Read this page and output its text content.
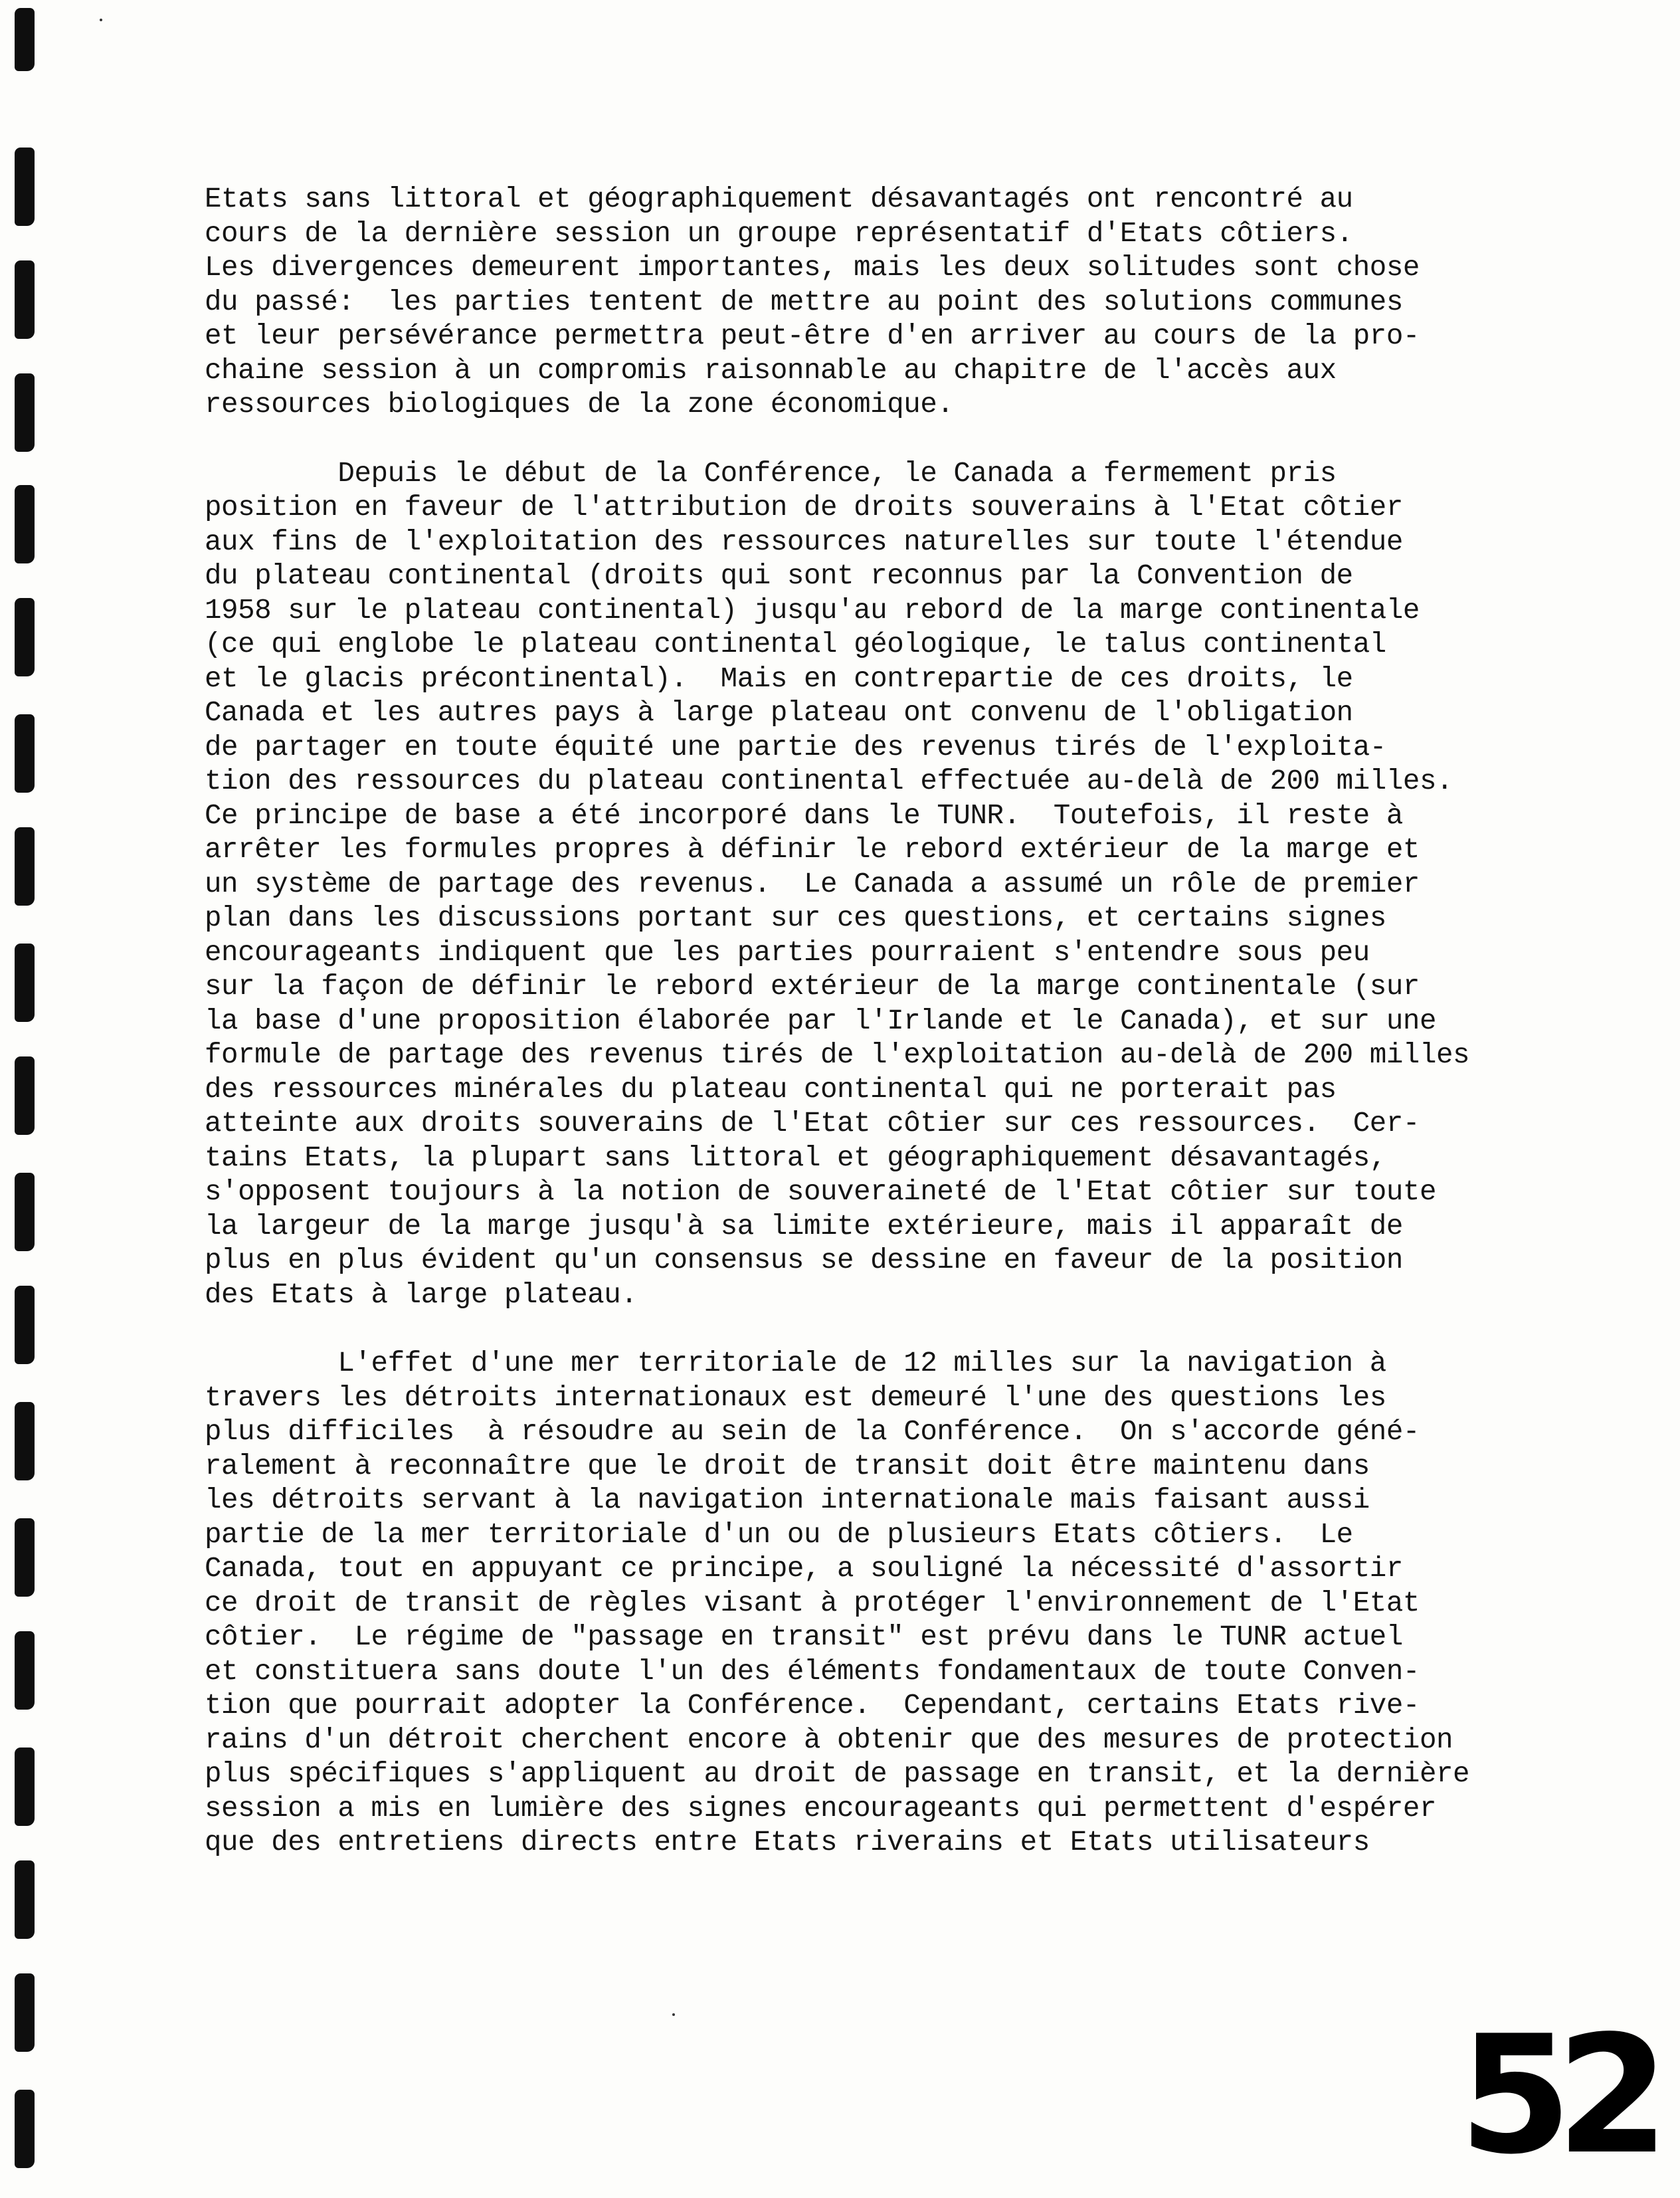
Etats sans littoral et géographiquement désavantagés ont rencontré au
cours de la dernière session un groupe représentatif d'Etats côtiers.
Les divergences demeurent importantes, mais les deux solitudes sont chose
du passé:  les parties tentent de mettre au point des solutions communes
et leur persévérance permettra peut-être d'en arriver au cours de la pro-
chaine session à un compromis raisonnable au chapitre de l'accès aux
ressources biologiques de la zone économique.
Depuis le début de la Conférence, le Canada a fermement pris
position en faveur de l'attribution de droits souverains à l'Etat côtier
aux fins de l'exploitation des ressources naturelles sur toute l'étendue
du plateau continental (droits qui sont reconnus par la Convention de
1958 sur le plateau continental) jusqu'au rebord de la marge continentale
(ce qui englobe le plateau continental géologique, le talus continental
et le glacis précontinental).  Mais en contrepartie de ces droits, le
Canada et les autres pays à large plateau ont convenu de l'obligation
de partager en toute équité une partie des revenus tirés de l'exploita-
tion des ressources du plateau continental effectuée au-delà de 200 milles.
Ce principe de base a été incorporé dans le TUNR.  Toutefois, il reste à
arrêter les formules propres à définir le rebord extérieur de la marge et
un système de partage des revenus.  Le Canada a assumé un rôle de premier
plan dans les discussions portant sur ces questions, et certains signes
encourageants indiquent que les parties pourraient s'entendre sous peu
sur la façon de définir le rebord extérieur de la marge continentale (sur
la base d'une proposition élaborée par l'Irlande et le Canada), et sur une
formule de partage des revenus tirés de l'exploitation au-delà de 200 milles
des ressources minérales du plateau continental qui ne porterait pas
atteinte aux droits souverains de l'Etat côtier sur ces ressources.  Cer-
tains Etats, la plupart sans littoral et géographiquement désavantagés,
s'opposent toujours à la notion de souveraineté de l'Etat côtier sur toute
la largeur de la marge jusqu'à sa limite extérieure, mais il apparaît de
plus en plus évident qu'un consensus se dessine en faveur de la position
des Etats à large plateau.
L'effet d'une mer territoriale de 12 milles sur la navigation à
travers les détroits internationaux est demeuré l'une des questions les
plus difficiles  à résoudre au sein de la Conférence.  On s'accorde géné-
ralement à reconnaître que le droit de transit doit être maintenu dans
les détroits servant à la navigation internationale mais faisant aussi
partie de la mer territoriale d'un ou de plusieurs Etats côtiers.  Le
Canada, tout en appuyant ce principe, a souligné la nécessité d'assortir
ce droit de transit de règles visant à protéger l'environnement de l'Etat
côtier.  Le régime de "passage en transit" est prévu dans le TUNR actuel
et constituera sans doute l'un des éléments fondamentaux de toute Conven-
tion que pourrait adopter la Conférence.  Cependant, certains Etats rive-
rains d'un détroit cherchent encore à obtenir que des mesures de protection
plus spécifiques s'appliquent au droit de passage en transit, et la dernière
session a mis en lumière des signes encourageants qui permettent d'espérer
que des entretiens directs entre Etats riverains et Etats utilisateurs
52
